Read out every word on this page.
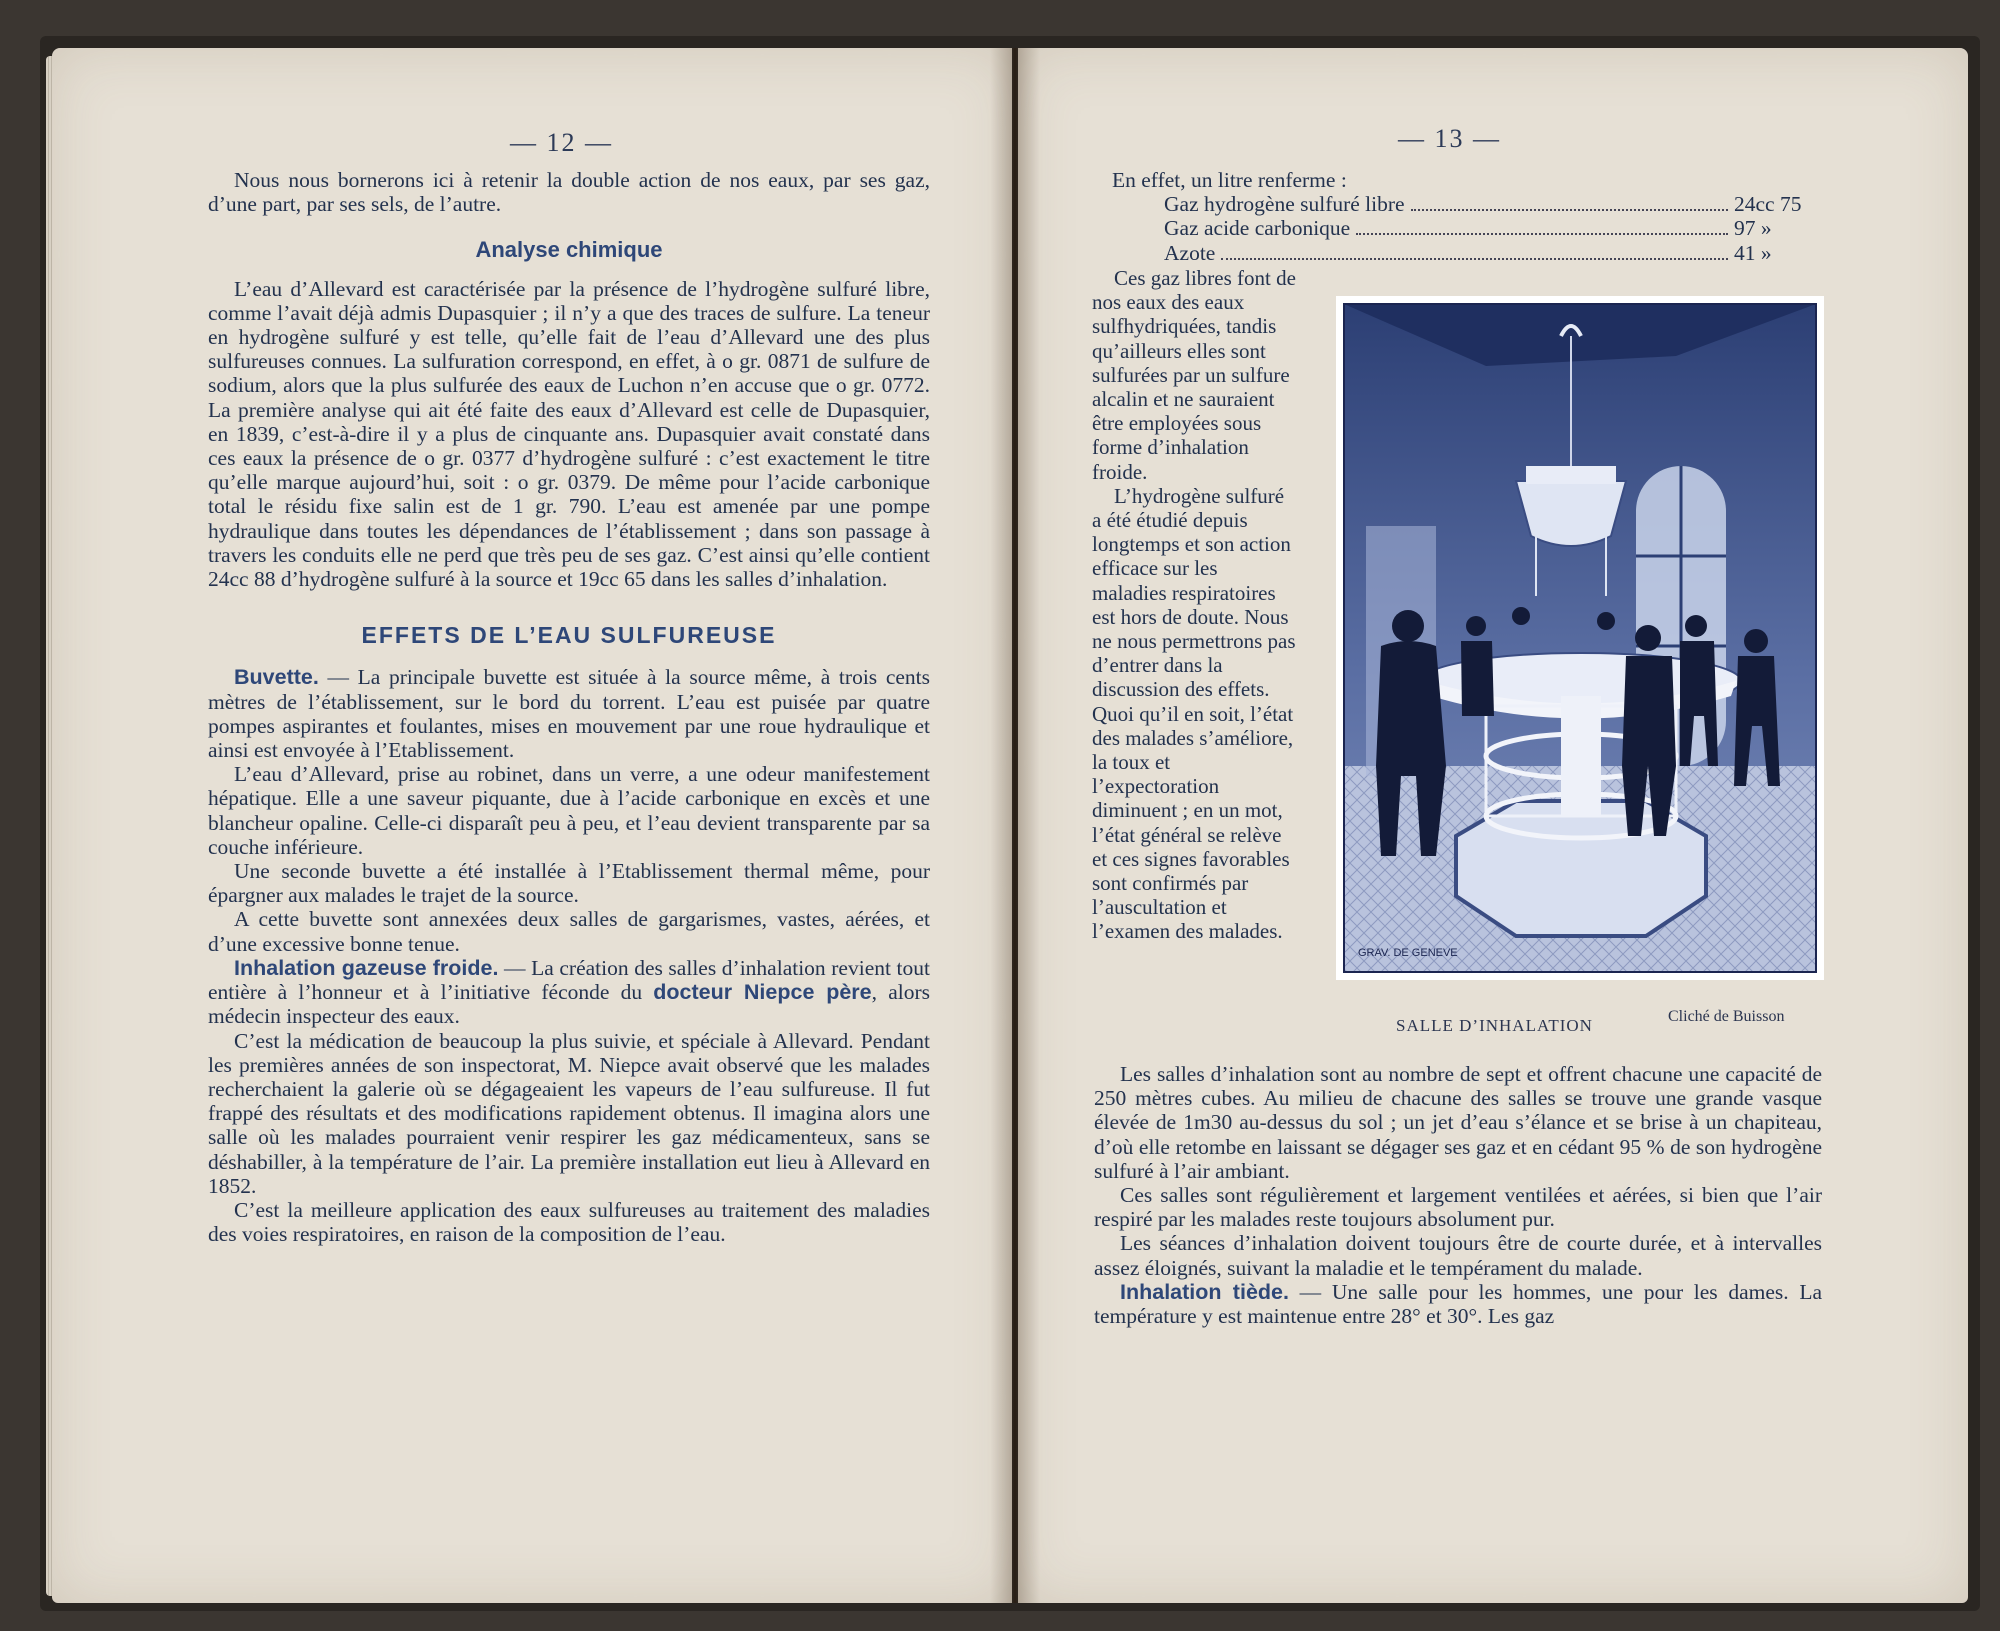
— 12 —

Nous nous bornerons ici à retenir la double action de nos eaux, par ses gaz, d’une part, par ses sels, de l’autre.

Analyse chimique

L’eau d’Allevard est caractérisée par la présence de l’hydrogène sulfuré libre, comme l’avait déjà admis Dupasquier ; il n’y a que des traces de sulfure. La teneur en hydrogène sulfuré y est telle, qu’elle fait de l’eau d’Allevard une des plus sulfureuses connues. La sulfuration correspond, en effet, à o gr. 0871 de sulfure de sodium, alors que la plus sulfurée des eaux de Luchon n’en accuse que o gr. 0772. La première analyse qui ait été faite des eaux d’Allevard est celle de Dupasquier, en 1839, c’est-à-dire il y a plus de cinquante ans. Dupasquier avait constaté dans ces eaux la présence de o gr. 0377 d’hydrogène sulfuré : c’est exactement le titre qu’elle marque aujourd’hui, soit : o gr. 0379. De même pour l’acide carbonique total le résidu fixe salin est de 1 gr. 790. L’eau est amenée par une pompe hydraulique dans toutes les dépendances de l’établissement ; dans son passage à travers les conduits elle ne perd que très peu de ses gaz. C’est ainsi qu’elle contient 24cc 88 d’hydrogène sulfuré à la source et 19cc 65 dans les salles d’inhalation.

EFFETS DE L’EAU SULFUREUSE

Buvette. — La principale buvette est située à la source même, à trois cents mètres de l’établissement, sur le bord du torrent. L’eau est puisée par quatre pompes aspirantes et foulantes, mises en mouvement par une roue hydraulique et ainsi est envoyée à l’Etablissement.

L’eau d’Allevard, prise au robinet, dans un verre, a une odeur manifestement hépatique. Elle a une saveur piquante, due à l’acide carbonique en excès et une blancheur opaline. Celle-ci disparaît peu à peu, et l’eau devient transparente par sa couche inférieure.

Une seconde buvette a été installée à l’Etablissement thermal même, pour épargner aux malades le trajet de la source.

A cette buvette sont annexées deux salles de gargarismes, vastes, aérées, et d’une excessive bonne tenue.

Inhalation gazeuse froide. — La création des salles d’inhalation revient tout entière à l’honneur et à l’initiative féconde du docteur Niepce père, alors médecin inspecteur des eaux.

C’est la médication de beaucoup la plus suivie, et spéciale à Allevard. Pendant les premières années de son inspectorat, M. Niepce avait observé que les malades recherchaient la galerie où se dégageaient les vapeurs de l’eau sulfureuse. Il fut frappé des résultats et des modifications rapidement obtenus. Il imagina alors une salle où les malades pourraient venir respirer les gaz médicamenteux, sans se déshabiller, à la température de l’air. La première installation eut lieu à Allevard en 1852.

C’est la meilleure application des eaux sulfureuses au traitement des maladies des voies respiratoires, en raison de la composition de l’eau.

— 13 —

En effet, un litre renferme :

Gaz hydrogène sulfuré libre	24cc 75
Gaz acide carbonique	97 »
Azote	41 »

Ces gaz libres font de nos eaux des eaux sulfhydriquées, tandis qu’ailleurs elles sont sulfurées par un sulfure alcalin et ne sauraient être employées sous forme d’inhalation froide.

L’hydrogène sulfuré a été étudié depuis longtemps et son action efficace sur les maladies respiratoires est hors de doute. Nous ne nous permettrons pas d’entrer dans la discussion des effets. Quoi qu’il en soit, l’état des malades s’améliore, la toux et l’expectoration diminuent ; en un mot, l’état général se relève et ces signes favorables sont confirmés par l’auscultation et l’examen des malades.

GRAV. DE GENEVE
SALLE D’INHALATION	Cliché de Buisson

Les salles d’inhalation sont au nombre de sept et offrent chacune une capacité de 250 mètres cubes. Au milieu de chacune des salles se trouve une grande vasque élevée de 1m30 au-dessus du sol ; un jet d’eau s’élance et se brise à un chapiteau, d’où elle retombe en laissant se dégager ses gaz et en cédant 95 % de son hydrogène sulfuré à l’air ambiant.

Ces salles sont régulièrement et largement ventilées et aérées, si bien que l’air respiré par les malades reste toujours absolument pur.

Les séances d’inhalation doivent toujours être de courte durée, et à intervalles assez éloignés, suivant la maladie et le tempérament du malade.

Inhalation tiède. — Une salle pour les hommes, une pour les dames. La température y est maintenue entre 28° et 30°. Les gaz
